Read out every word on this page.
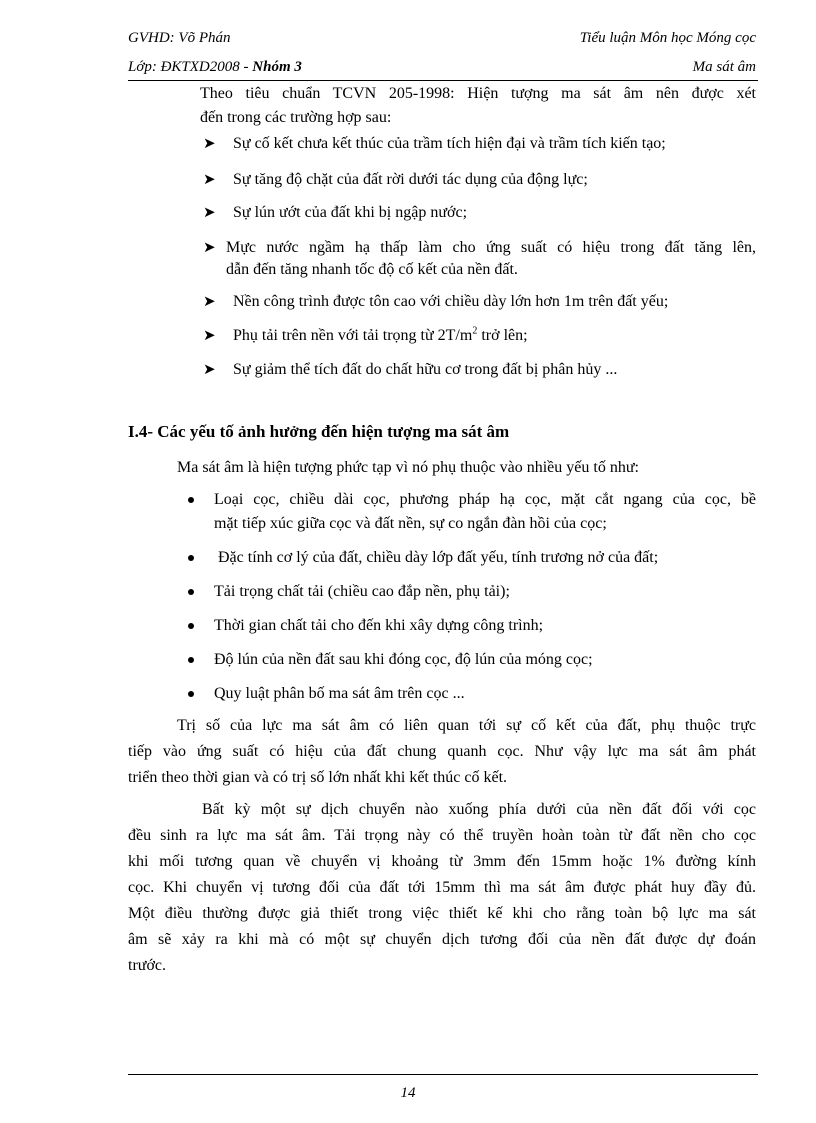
GVHD: Võ Phán	Tiểu luận Môn học Móng cọc
Lớp: ĐKTXD2008 - Nhóm 3	Ma sát âm
Theo tiêu chuẩn TCVN 205-1998: Hiện tượng ma sát âm nên được xét
đến trong các trường hợp sau:
➤ Sự cố kết chưa kết thúc của trầm tích hiện đại và trầm tích kiến tạo;
➤ Sự tăng độ chặt của đất rời dưới tác dụng của động lực;
➤ Sự lún ướt của đất khi bị ngập nước;
➤ Mực nước ngầm hạ thấp làm cho ứng suất có hiệu trong đất tăng lên,
dẫn đến tăng nhanh tốc độ cố kết của nền đất.
➤ Nền công trình được tôn cao với chiều dày lớn hơn 1m trên đất yếu;
➤ Phụ tải trên nền với tải trọng từ $2T/m^2$ trở lên;
➤ Sự giảm thể tích đất do chất hữu cơ trong đất bị phân hủy ...
I.4- Các yếu tố ảnh hưởng đến hiện tượng ma sát âm
Ma sát âm là hiện tượng phức tạp vì nó phụ thuộc vào nhiều yếu tố như:
Loại cọc, chiều dài cọc, phương pháp hạ cọc, mặt cắt ngang của cọc, bề
mặt tiếp xúc giữa cọc và đất nền, sự co ngắn đàn hồi của cọc;
Đặc tính cơ lý của đất, chiều dày lớp đất yếu, tính trương nở của đất;
Tải trọng chất tải (chiều cao đắp nền, phụ tải);
Thời gian chất tải cho đến khi xây dựng công trình;
Độ lún của nền đất sau khi đóng cọc, độ lún của móng cọc;
Quy luật phân bố ma sát âm trên cọc ...
Trị số của lực ma sát âm có liên quan tới sự cố kết của đất, phụ thuộc trực
tiếp vào ứng suất có hiệu của đất chung quanh cọc. Như vậy lực ma sát âm phát
triển theo thời gian và có trị số lớn nhất khi kết thúc cố kết.
Bất kỳ một sự dịch chuyển nào xuống phía dưới của nền đất đối với cọc
đều sinh ra lực ma sát âm. Tải trọng này có thể truyền hoàn toàn từ đất nền cho cọc
khi mối tương quan về chuyển vị khoảng từ 3mm đến 15mm hoặc 1% đường kính
cọc. Khi chuyển vị tương đối của đất tới 15mm thì ma sát âm được phát huy đầy đủ.
Một điều thường được giả thiết trong việc thiết kế khi cho rằng toàn bộ lực ma sát
âm sẽ xảy ra khi mà có một sự chuyển dịch tương đối của nền đất được dự đoán
trước.
14
